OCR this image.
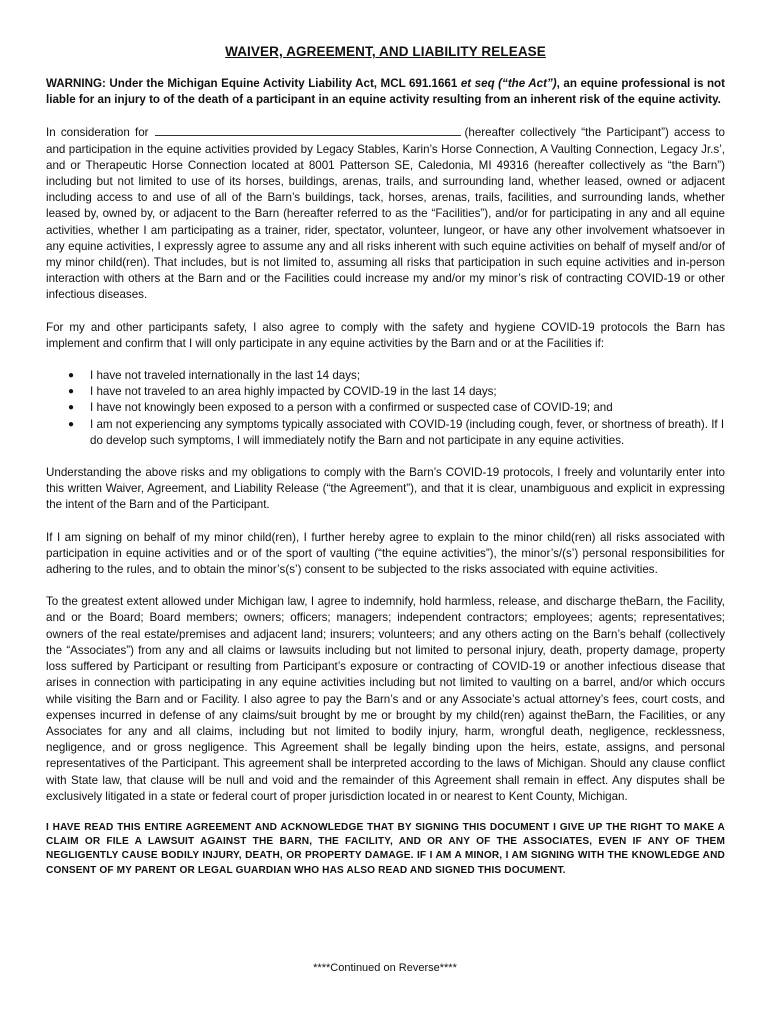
WAIVER, AGREEMENT, AND LIABILITY RELEASE

WARNING: Under the Michigan Equine Activity Liability Act, MCL 691.1661 et seq (“the Act”), an equine professional is not liable for an injury to of the death of a participant in an equine activity resulting from an inherent risk of the equine activity.

In consideration for	(hereafter collectively “the Participant”) access to and participation in the equine activities provided by Legacy Stables, Karin’s Horse Connection, A Vaulting Connection, Legacy Jr.s’, and or Therapeutic Horse Connection located at 8001 Patterson SE, Caledonia, MI 49316 (hereafter collectively as “the Barn”) including but not limited to use of its horses, buildings, arenas, trails, and surrounding land, whether leased, owned or adjacent including access to and use of all of the Barn’s buildings, tack, horses, arenas, trails, facilities, and surrounding lands, whether leased by, owned by, or adjacent to the Barn (hereafter referred to as the “Facilities”), and/or for participating in any and all equine activities, whether I am participating as a trainer, rider, spectator, volunteer, lungeor, or have any other involvement whatsoever in any equine activities, I expressly agree to assume any and all risks inherent with such equine activities on behalf of myself and/or of my minor child(ren). That includes, but is not limited to, assuming all risks that participation in such equine activities and in-person interaction with others at the Barn and or the Facilities could increase my and/or my minor’s risk of contracting COVID-19 or other infectious diseases.

For my and other participants safety, I also agree to comply with the safety and hygiene COVID-19 protocols the Barn has implement and confirm that I will only participate in any equine activities by the Barn and or at the Facilities if:

● I have not traveled internationally in the last 14 days;
● I have not traveled to an area highly impacted by COVID-19 in the last 14 days;
● I have not knowingly been exposed to a person with a confirmed or suspected case of COVID-19; and
● I am not experiencing any symptoms typically associated with COVID-19 (including cough, fever, or shortness of breath). If I do develop such symptoms, I will immediately notify the Barn and not participate in any equine activities.

Understanding the above risks and my obligations to comply with the Barn’s COVID-19 protocols, I freely and voluntarily enter into this written Waiver, Agreement, and Liability Release (“the Agreement”), and that it is clear, unambiguous and explicit in expressing the intent of the Barn and of the Participant.

If I am signing on behalf of my minor child(ren), I further hereby agree to explain to the minor child(ren) all risks associated with participation in equine activities and or of the sport of vaulting (“the equine activities”), the minor’s/(s’) personal responsibilities for adhering to the rules, and to obtain the minor’s(s’) consent to be subjected to the risks associated with equine activities.

To the greatest extent allowed under Michigan law, I agree to indemnify, hold harmless, release, and discharge theBarn, the Facility, and or the Board; Board members; owners; officers; managers; independent contractors; employees; agents; representatives; owners of the real estate/premises and adjacent land; insurers; volunteers; and any others acting on the Barn’s behalf (collectively the “Associates”) from any and all claims or lawsuits including but not limited to personal injury, death, property damage, property loss suffered by Participant or resulting from Participant’s exposure or contracting of COVID-19 or another infectious disease that arises in connection with participating in any equine activities including but not limited to vaulting on a barrel, and/or which occurs while visiting the Barn and or Facility. I also agree to pay the Barn’s and or any Associate’s actual attorney’s fees, court costs, and expenses incurred in defense of any claims/suit brought by me or brought by my child(ren) against theBarn, the Facilities, or any Associates for any and all claims, including but not limited to bodily injury, harm, wrongful death, negligence, recklessness, negligence, and or gross negligence. This Agreement shall be legally binding upon the heirs, estate, assigns, and personal representatives of the Participant. This agreement shall be interpreted according to the laws of Michigan. Should any clause conflict with State law, that clause will be null and void and the remainder of this Agreement shall remain in effect. Any disputes shall be exclusively litigated in a state or federal court of proper jurisdiction located in or nearest to Kent County, Michigan.

I HAVE READ THIS ENTIRE AGREEMENT AND ACKNOWLEDGE THAT BY SIGNING THIS DOCUMENT I GIVE UP THE RIGHT TO MAKE A CLAIM OR FILE A LAWSUIT AGAINST THE BARN, THE FACILITY, AND OR ANY OF THE ASSOCIATES, EVEN IF ANY OF THEM NEGLIGENTLY CAUSE BODILY INJURY, DEATH, OR PROPERTY DAMAGE. IF I AM A MINOR, I AM SIGNING WITH THE KNOWLEDGE AND CONSENT OF MY PARENT OR LEGAL GUARDIAN WHO HAS ALSO READ AND SIGNED THIS DOCUMENT.

****Continued on Reverse****
